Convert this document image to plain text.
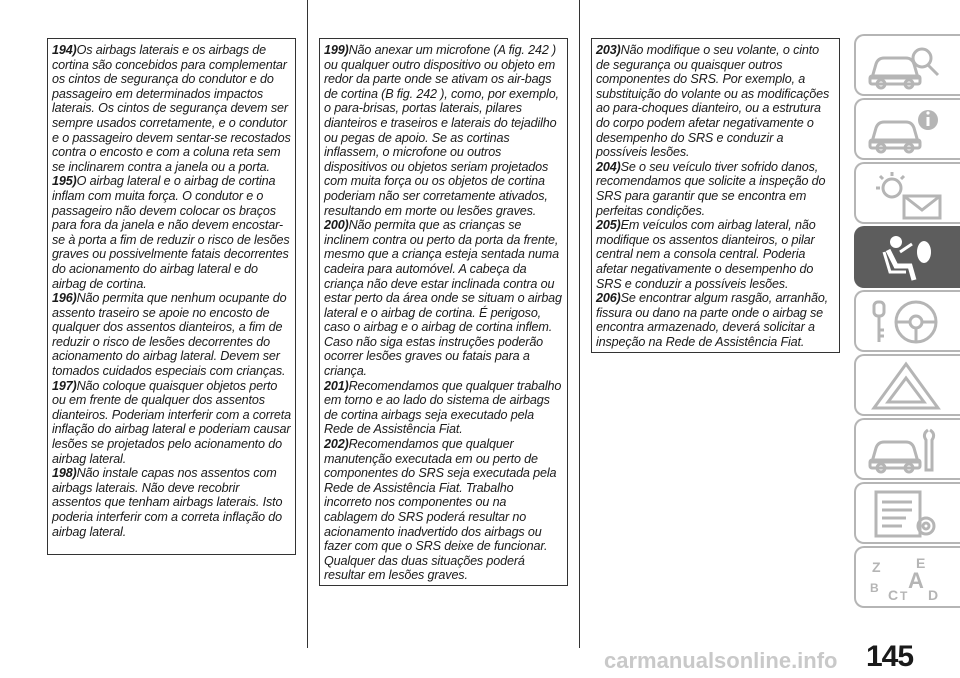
194)Os airbags laterais e os airbags de cortina são concebidos para complementar os cintos de segurança do condutor e do passageiro em determinados impactos laterais. Os cintos de segurança devem ser sempre usados corretamente, e o condutor e o passageiro devem sentar-se recostados contra o encosto e com a coluna reta sem se inclinarem contra a janela ou a porta.

195)O airbag lateral e o airbag de cortina inflam com muita força. O condutor e o passageiro não devem colocar os braços para fora da janela e não devem encostar-se à porta a fim de reduzir o risco de lesões graves ou possivelmente fatais decorrentes do acionamento do airbag lateral e do airbag de cortina.

196)Não permita que nenhum ocupante do assento traseiro se apoie no encosto de qualquer dos assentos dianteiros, a fim de reduzir o risco de lesões decorrentes do acionamento do airbag lateral. Devem ser tomados cuidados especiais com crianças.

197)Não coloque quaisquer objetos perto ou em frente de qualquer dos assentos dianteiros. Poderiam interferir com a correta inflação do airbag lateral e poderiam causar lesões se projetados pelo acionamento do airbag lateral.

198)Não instale capas nos assentos com airbags laterais. Não deve recobrir assentos que tenham airbags laterais. Isto poderia interferir com a correta inflação do airbag lateral.

199)Não anexar um microfone (A fig. 242 ) ou qualquer outro dispositivo ou objeto em redor da parte onde se ativam os air-bags de cortina (B fig. 242 ), como, por exemplo, o para-brisas, portas laterais, pilares dianteiros e traseiros e laterais do tejadilho ou pegas de apoio. Se as cortinas inflassem, o microfone ou outros dispositivos ou objetos seriam projetados com muita força ou os objetos de cortina poderiam não ser corretamente ativados, resultando em morte ou lesões graves.

200)Não permita que as crianças se inclinem contra ou perto da porta da frente, mesmo que a criança esteja sentada numa cadeira para automóvel. A cabeça da criança não deve estar inclinada contra ou estar perto da área onde se situam o airbag lateral e o airbag de cortina. É perigoso, caso o airbag e o airbag de cortina inflem. Caso não siga estas instruções poderão ocorrer lesões graves ou fatais para a criança.

201)Recomendamos que qualquer trabalho em torno e ao lado do sistema de airbags de cortina airbags seja executado pela Rede de Assistência Fiat.

202)Recomendamos que qualquer manutenção executada em ou perto de componentes do SRS seja executada pela Rede de Assistência Fiat. Trabalho incorreto nos componentes ou na cablagem do SRS poderá resultar no acionamento inadvertido dos airbags ou fazer com que o SRS deixe de funcionar. Qualquer das duas situações poderá resultar em lesões graves.

203)Não modifique o seu volante, o cinto de segurança ou quaisquer outros componentes do SRS. Por exemplo, a substituição do volante ou as modificações ao para-choques dianteiro, ou a estrutura do corpo podem afetar negativamente o desempenho do SRS e conduzir a possíveis lesões.

204)Se o seu veículo tiver sofrido danos, recomendamos que solicite a inspeção do SRS para garantir que se encontra em perfeitas condições.

205)Em veículos com airbag lateral, não modifique os assentos dianteiros, o pilar central nem a consola central. Poderia afetar negativamente o desempenho do SRS e conduzir a possíveis lesões.

206)Se encontrar algum rasgão, arranhão, fissura ou dano na parte onde o airbag se encontra armazenado, deverá solicitar a inspeção na Rede de Assistência Fiat.

Z	E
B C T
A
D
carmanualsonline.info 145
